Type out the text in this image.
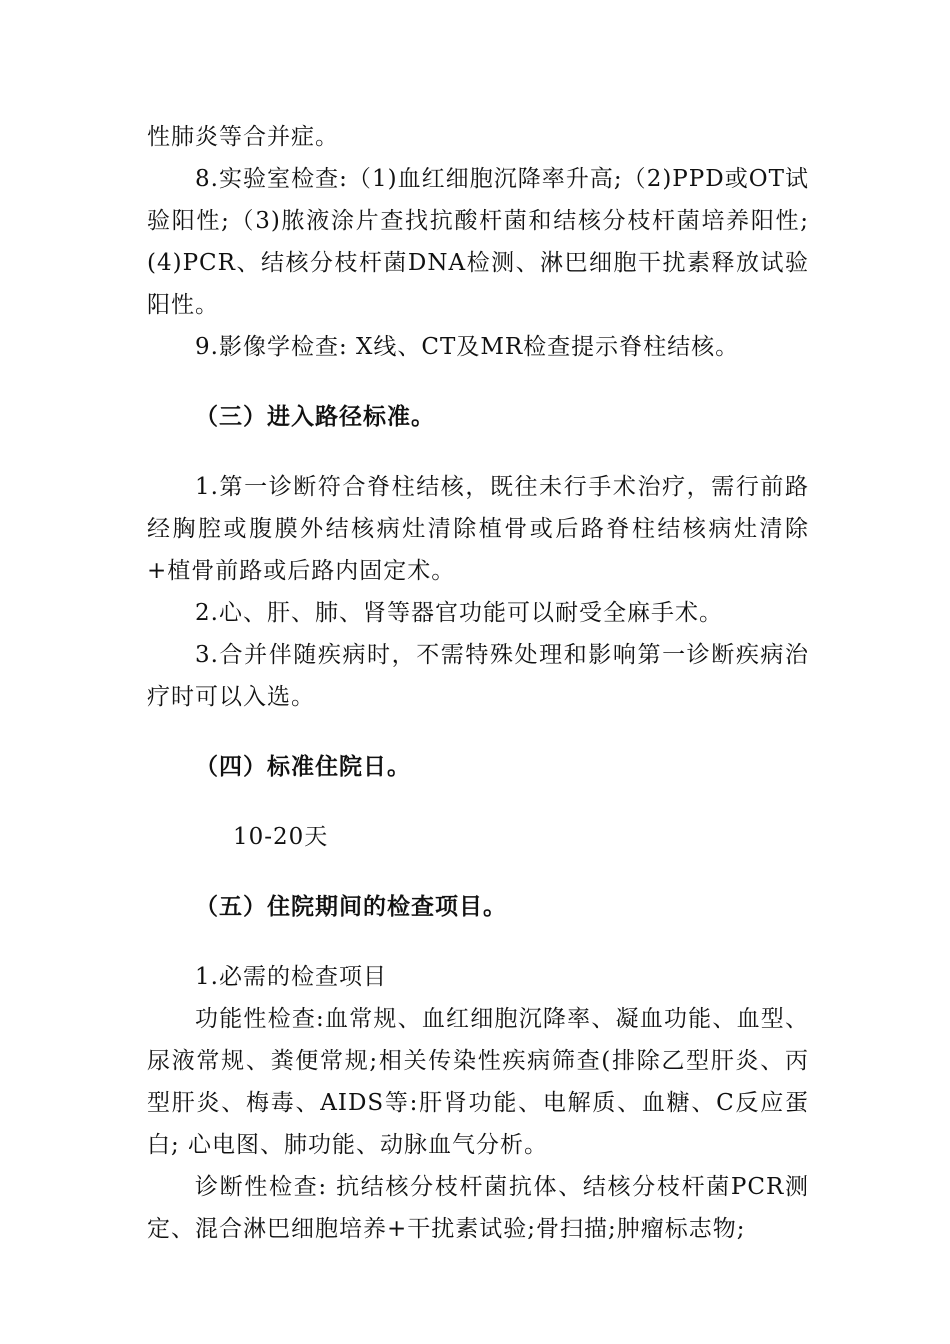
性肺炎等合并症。

8.实验室检查:（1)血红细胞沉降率升高;（2)PPD或OT试验阳性;（3)脓液涂片查找抗酸杆菌和结核分枝杆菌培养阳性;(4)PCR、结核分枝杆菌DNA检测、淋巴细胞干扰素释放试验阳性。

9.影像学检查: X线、CT及MR检查提示脊柱结核。

（三）进入路径标准。

1.第一诊断符合脊柱结核，既往未行手术治疗，需行前路经胸腔或腹膜外结核病灶清除植骨或后路脊柱结核病灶清除+植骨前路或后路内固定术。

2.心、肝、肺、肾等器官功能可以耐受全麻手术。

3.合并伴随疾病时，不需特殊处理和影响第一诊断疾病治疗时可以入选。

（四）标准住院日。

10-20天

（五）住院期间的检查项目。

1.必需的检查项目

功能性检查:血常规、血红细胞沉降率、凝血功能、血型、尿液常规、粪便常规;相关传染性疾病筛查(排除乙型肝炎、丙型肝炎、梅毒、AIDS等:肝肾功能、电解质、血糖、C反应蛋白; 心电图、肺功能、动脉血气分析。

诊断性检查: 抗结核分枝杆菌抗体、结核分枝杆菌PCR测定、混合淋巴细胞培养+干扰素试验;骨扫描;肿瘤标志物;
